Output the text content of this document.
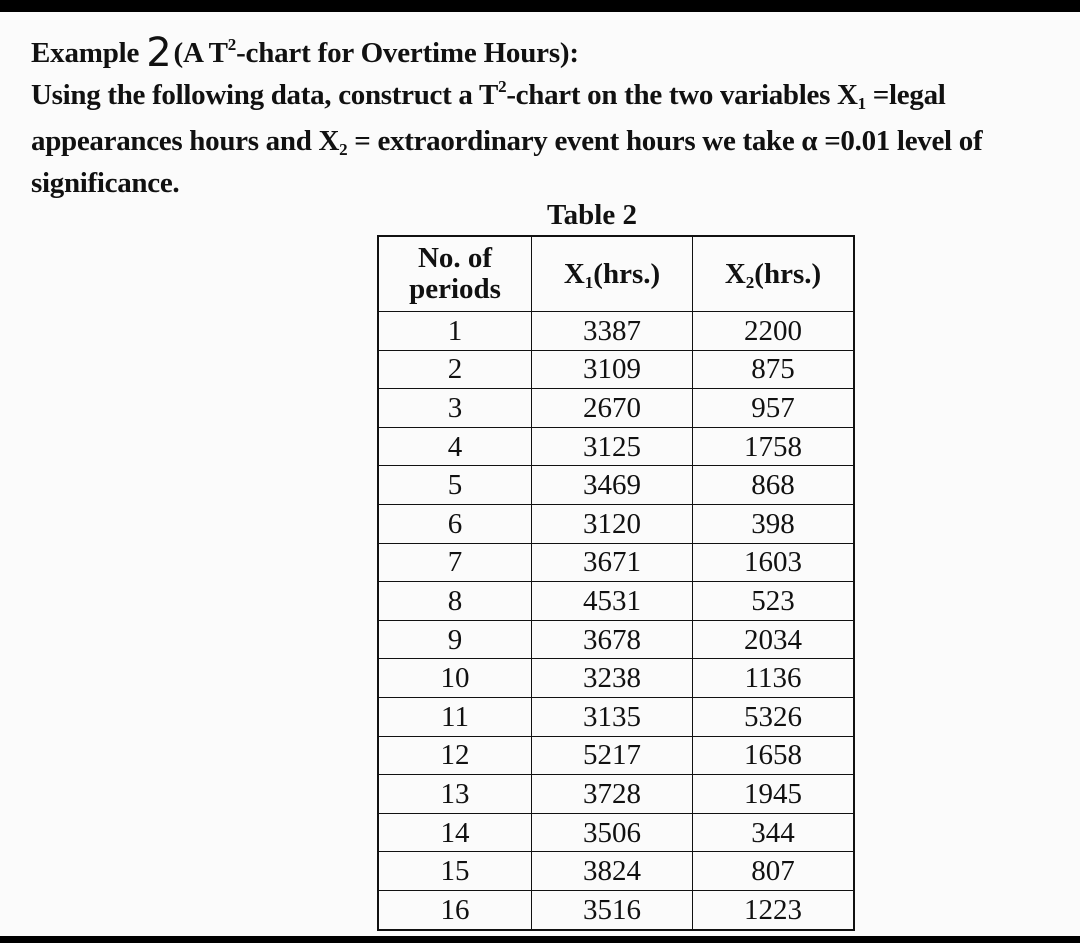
Example 2(A $T^2$-chart for Overtime Hours):
Using the following data, construct a $T^2$-chart on the two variables $X_1$ =legal
appearances hours and $X_2$ = extraordinary event hours we take α =0.01 level of
significance.
Table 2
No. of periods	X1(hrs.)	X2(hrs.)
1	3387	2200
2	3109	875
3	2670	957
4	3125	1758
5	3469	868
6	3120	398
7	3671	1603
8	4531	523
9	3678	2034
10	3238	1136
11	3135	5326
12	5217	1658
13	3728	1945
14	3506	344
15	3824	807
16	3516	1223
